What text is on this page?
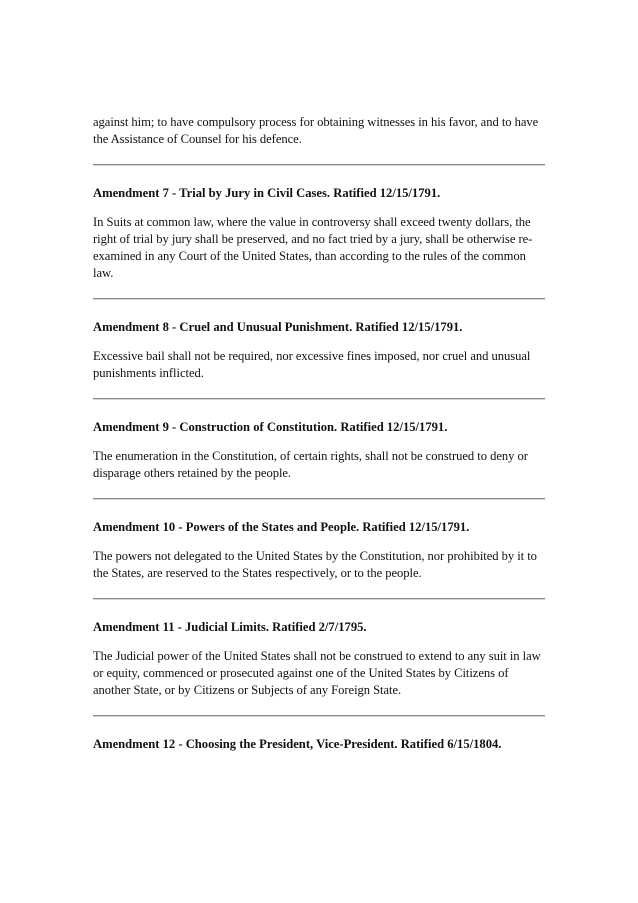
against him; to have compulsory process for obtaining witnesses in his favor, and to have the Assistance of Counsel for his defence.

Amendment 7 - Trial by Jury in Civil Cases. Ratified 12/15/1791.

In Suits at common law, where the value in controversy shall exceed twenty dollars, the right of trial by jury shall be preserved, and no fact tried by a jury, shall be otherwise re-examined in any Court of the United States, than according to the rules of the common law.

Amendment 8 - Cruel and Unusual Punishment. Ratified 12/15/1791.

Excessive bail shall not be required, nor excessive fines imposed, nor cruel and unusual punishments inflicted.

Amendment 9 - Construction of Constitution. Ratified 12/15/1791.

The enumeration in the Constitution, of certain rights, shall not be construed to deny or disparage others retained by the people.

Amendment 10 - Powers of the States and People. Ratified 12/15/1791.

The powers not delegated to the United States by the Constitution, nor prohibited by it to the States, are reserved to the States respectively, or to the people.

Amendment 11 - Judicial Limits. Ratified 2/7/1795.

The Judicial power of the United States shall not be construed to extend to any suit in law or equity, commenced or prosecuted against one of the United States by Citizens of another State, or by Citizens or Subjects of any Foreign State.

Amendment 12 - Choosing the President, Vice-President. Ratified 6/15/1804.
